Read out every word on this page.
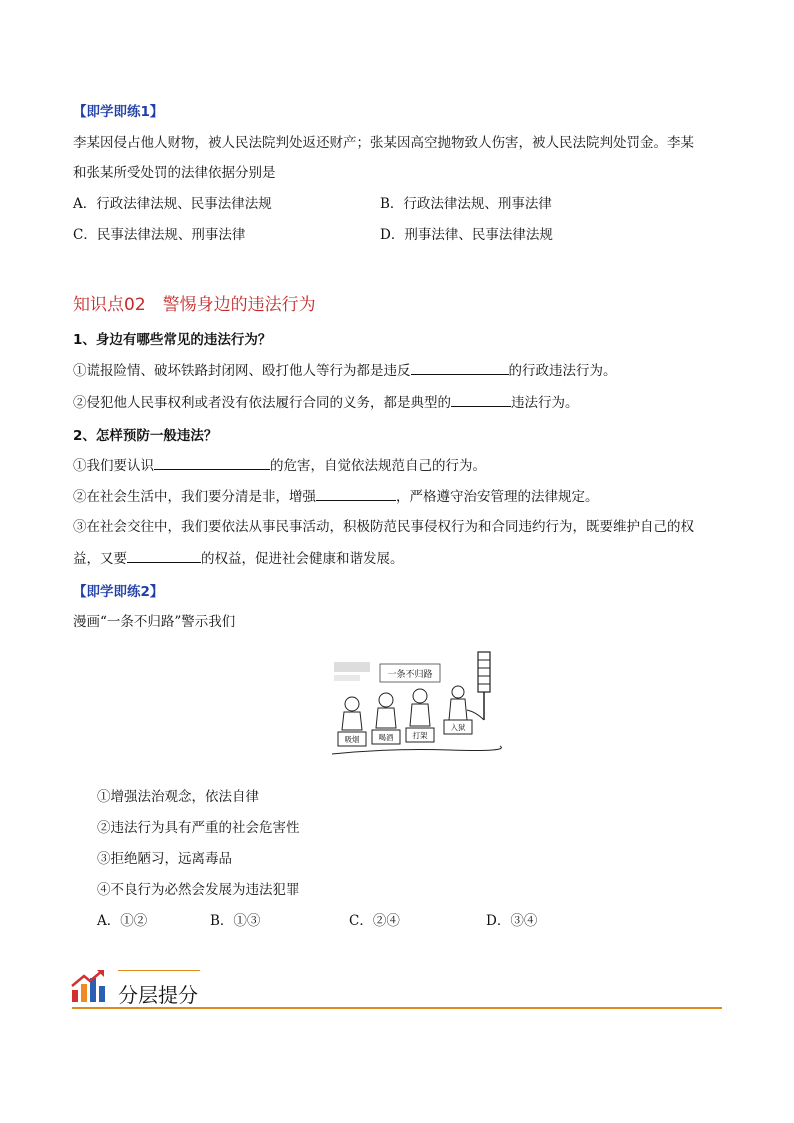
【即学即练1】
李某因侵占他人财物，被人民法院判处返还财产；张某因高空抛物致人伤害，被人民法院判处罚金。李某
和张某所受处罚的法律依据分别是
A．行政法律法规、民事法律法规	B．行政法律法规、刑事法律
C．民事法律法规、刑事法律	D．刑事法律、民事法律法规
知识点02　警惕身边的违法行为
1、身边有哪些常见的违法行为？
①谎报险情、破坏铁路封闭网、殴打他人等行为都是违反	的行政违法行为。
②侵犯他人民事权利或者没有依法履行合同的义务，都是典型的	违法行为。
2、怎样预防一般违法？
①我们要认识	的危害，自觉依法规范自己的行为。
②在社会生活中，我们要分清是非，增强	，严格遵守治安管理的法律规定。
③在社会交往中，我们要依法从事民事活动，积极防范民事侵权行为和合同违约行为，既要维护自己的权
益，又要	的权益，促进社会健康和谐发展。
【即学即练2】
漫画“一条不归路”警示我们
一条不归路
吸烟	喝酒	打架
入狱
①增强法治观念，依法自律
②违法行为具有严重的社会危害性
③拒绝陋习，远离毒品
④不良行为必然会发展为违法犯罪
A．①②	B．①③	C．②④	D．③④
分层提分
